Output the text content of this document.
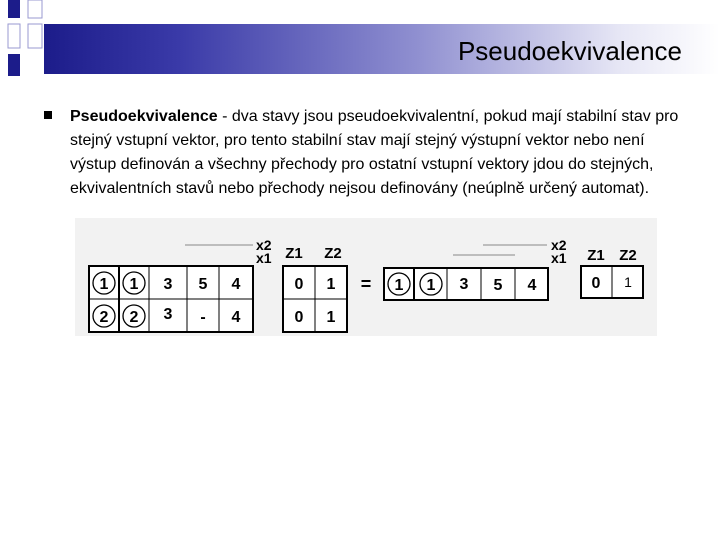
Pseudoekvivalence
Pseudoekvivalence - dva stavy jsou pseudoekvivalentní, pokud mají stabilní stav pro stejný vstupní vektor, pro tento stabilní stav mají stejný výstupní vektor nebo není výstup definován a všechny přechody pro ostatní vstupní vektory jdou do stejných, ekvivalentních stavů nebo přechody nejsou definovány (neúplně určený automat).
x2
x1 Z1 Z2
1 1 3 5 4	0 1
2 2 3 - 4	0 1
=
x2
x1 Z1 Z2
1 1 3 5 4	0 1
